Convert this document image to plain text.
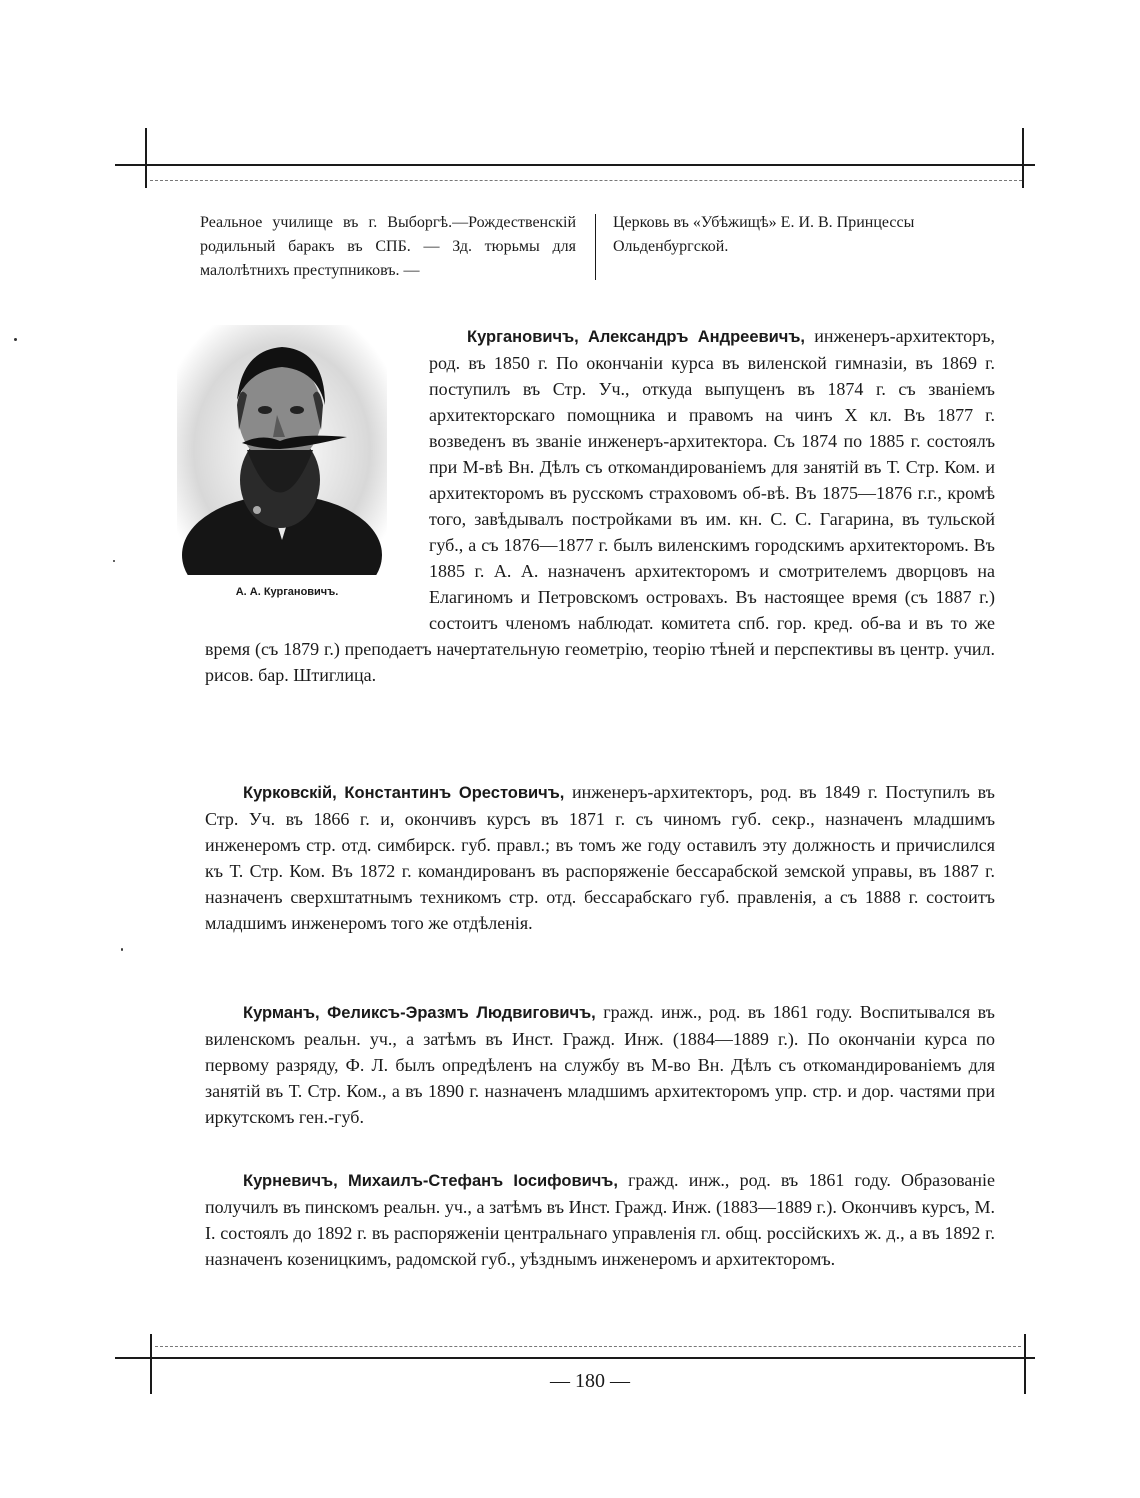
Реальное училище въ г. Выборгѣ.—Рождественскій родильный баракъ въ СПБ. — Зд. тюрьмы для малолѣтнихъ преступниковъ. —
Церковь въ «Убѣжищѣ» Е. И. В. Принцессы Ольденбургской.
Кургановичъ, Александръ Андреевичъ,
А. А. Кургановичъ.
инженеръ-архитекторъ, род. въ 1850 г. По окончаніи курса въ виленской гимназіи, въ 1869 г. поступилъ въ Стр. Уч., откуда выпущенъ въ 1874 г. съ званіемъ архитекторскаго помощника и правомъ на чинъ X кл. Въ 1877 г. возведенъ въ званіе инженеръ-архитектора. Съ 1874 по 1885 г. состоялъ при М-вѣ Вн. Дѣлъ съ откомандированіемъ для занятій въ Т. Стр. Ком. и архитекторомъ въ русскомъ страховомъ об-вѣ. Въ 1875—1876 г.г., кромѣ того, завѣдывалъ постройками въ им. кн. С. С. Гагарина, въ тульской губ., а съ 1876—1877 г. былъ виленскимъ городскимъ архитекторомъ. Въ 1885 г. А. А. назначенъ архитекторомъ и смотрителемъ дворцовъ на Елагиномъ и Петровскомъ островахъ. Въ настоящее время (съ 1887 г.) состоитъ членомъ наблюдат. комитета спб. гор. кред. об-ва и въ то же время (съ 1879 г.) преподаетъ начертательную геометрію, теорію тѣней и перспективы въ центр. учил. рисов. бар. Штиглица.
Курковскій, Константинъ Орестовичъ, инженеръ-архитекторъ, род. въ 1849 г. Поступилъ въ Стр. Уч. въ 1866 г. и, окончивъ курсъ въ 1871 г. съ чиномъ губ. секр., назначенъ младшимъ инженеромъ стр. отд. симбирск. губ. правл.; въ томъ же году оставилъ эту должность и причислился къ Т. Стр. Ком. Въ 1872 г. командированъ въ распоряженіе бессарабской земской управы, въ 1887 г. назначенъ сверхштатнымъ техникомъ стр. отд. бессарабскаго губ. правленія, а съ 1888 г. состоитъ младшимъ инженеромъ того же отдѣленія.
Курманъ, Феликсъ-Эразмъ Людвиговичъ, гражд. инж., род. въ 1861 году. Воспитывался въ виленскомъ реальн. уч., а затѣмъ въ Инст. Гражд. Инж. (1884—1889 г.). По окончаніи курса по первому разряду, Ф. Л. былъ опредѣленъ на службу въ М-во Вн. Дѣлъ съ откомандированіемъ для занятій въ Т. Стр. Ком., а въ 1890 г. назначенъ младшимъ архитекторомъ упр. стр. и дор. частями при иркутскомъ ген.-губ.
Курневичъ, Михаилъ-Стефанъ Іосифовичъ, гражд. инж., род. въ 1861 году. Образованіе получилъ въ пинскомъ реальн. уч., а затѣмъ въ Инст. Гражд. Инж. (1883—1889 г.). Окончивъ курсъ, М. І. состоялъ до 1892 г. въ распоряженіи центральнаго управленія гл. общ. россійскихъ ж. д., а въ 1892 г. назначенъ козеницкимъ, радомской губ., уѣзднымъ инженеромъ и архитекторомъ.
— 180 —
